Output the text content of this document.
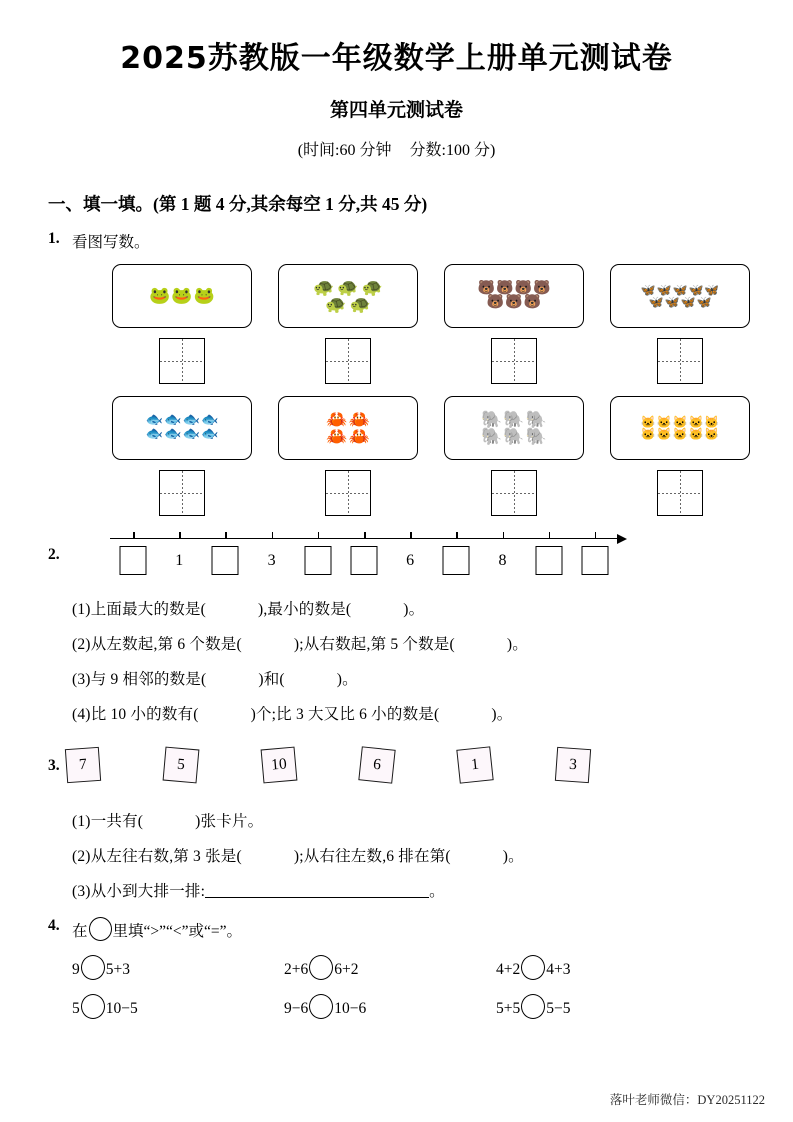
2025苏教版一年级数学上册单元测试卷
第四单元测试卷

(时间:60 分钟 分数:100 分)

一、填一填。(第 1 题 4 分,其余每空 1 分,共 45 分)
1. 看图写数。
🐸 🐸 🐸	🐢 🐢 🐢
🐢 🐢
🐻 🐻 🐻 🐻
🐻 🐻 🐻
🦋 🦋 🦋 🦋 🦋
🦋 🦋 🦋 🦋
🐟 🐟 🐟 🐟
🐟 🐟 🐟 🐟
🦀 🦀
🦀 🦀
🐘 🐘 🐘
🐘 🐘 🐘
🐱 🐱 🐱 🐱 🐱
🐱 🐱 🐱 🐱 🐱
2.	1	3	6	8
(1)上面最大的数是(	),最小的数是(	)。
(2)从左数起,第 6 个数是(	);从右数起,第 5 个数是(	)。
(3)与 9 相邻的数是(	)和(	)。
(4)比 10 小的数有(	)个;比 3 大又比 6 小的数是(	)。
3.	7	5	10	6	1	3
(1)一共有(	)张卡片。
(2)从左往右数,第 3 张是(	);从右往左数,6 排在第(	)。
(3)从小到大排一排:	。
4. 在 里填“>”“<”或“=”。
9 5+3	2+6 6+2	4+2 4+3
5 10−5	9−6 10−6	5+5 5−5
落叶老师微信：DY20251122
